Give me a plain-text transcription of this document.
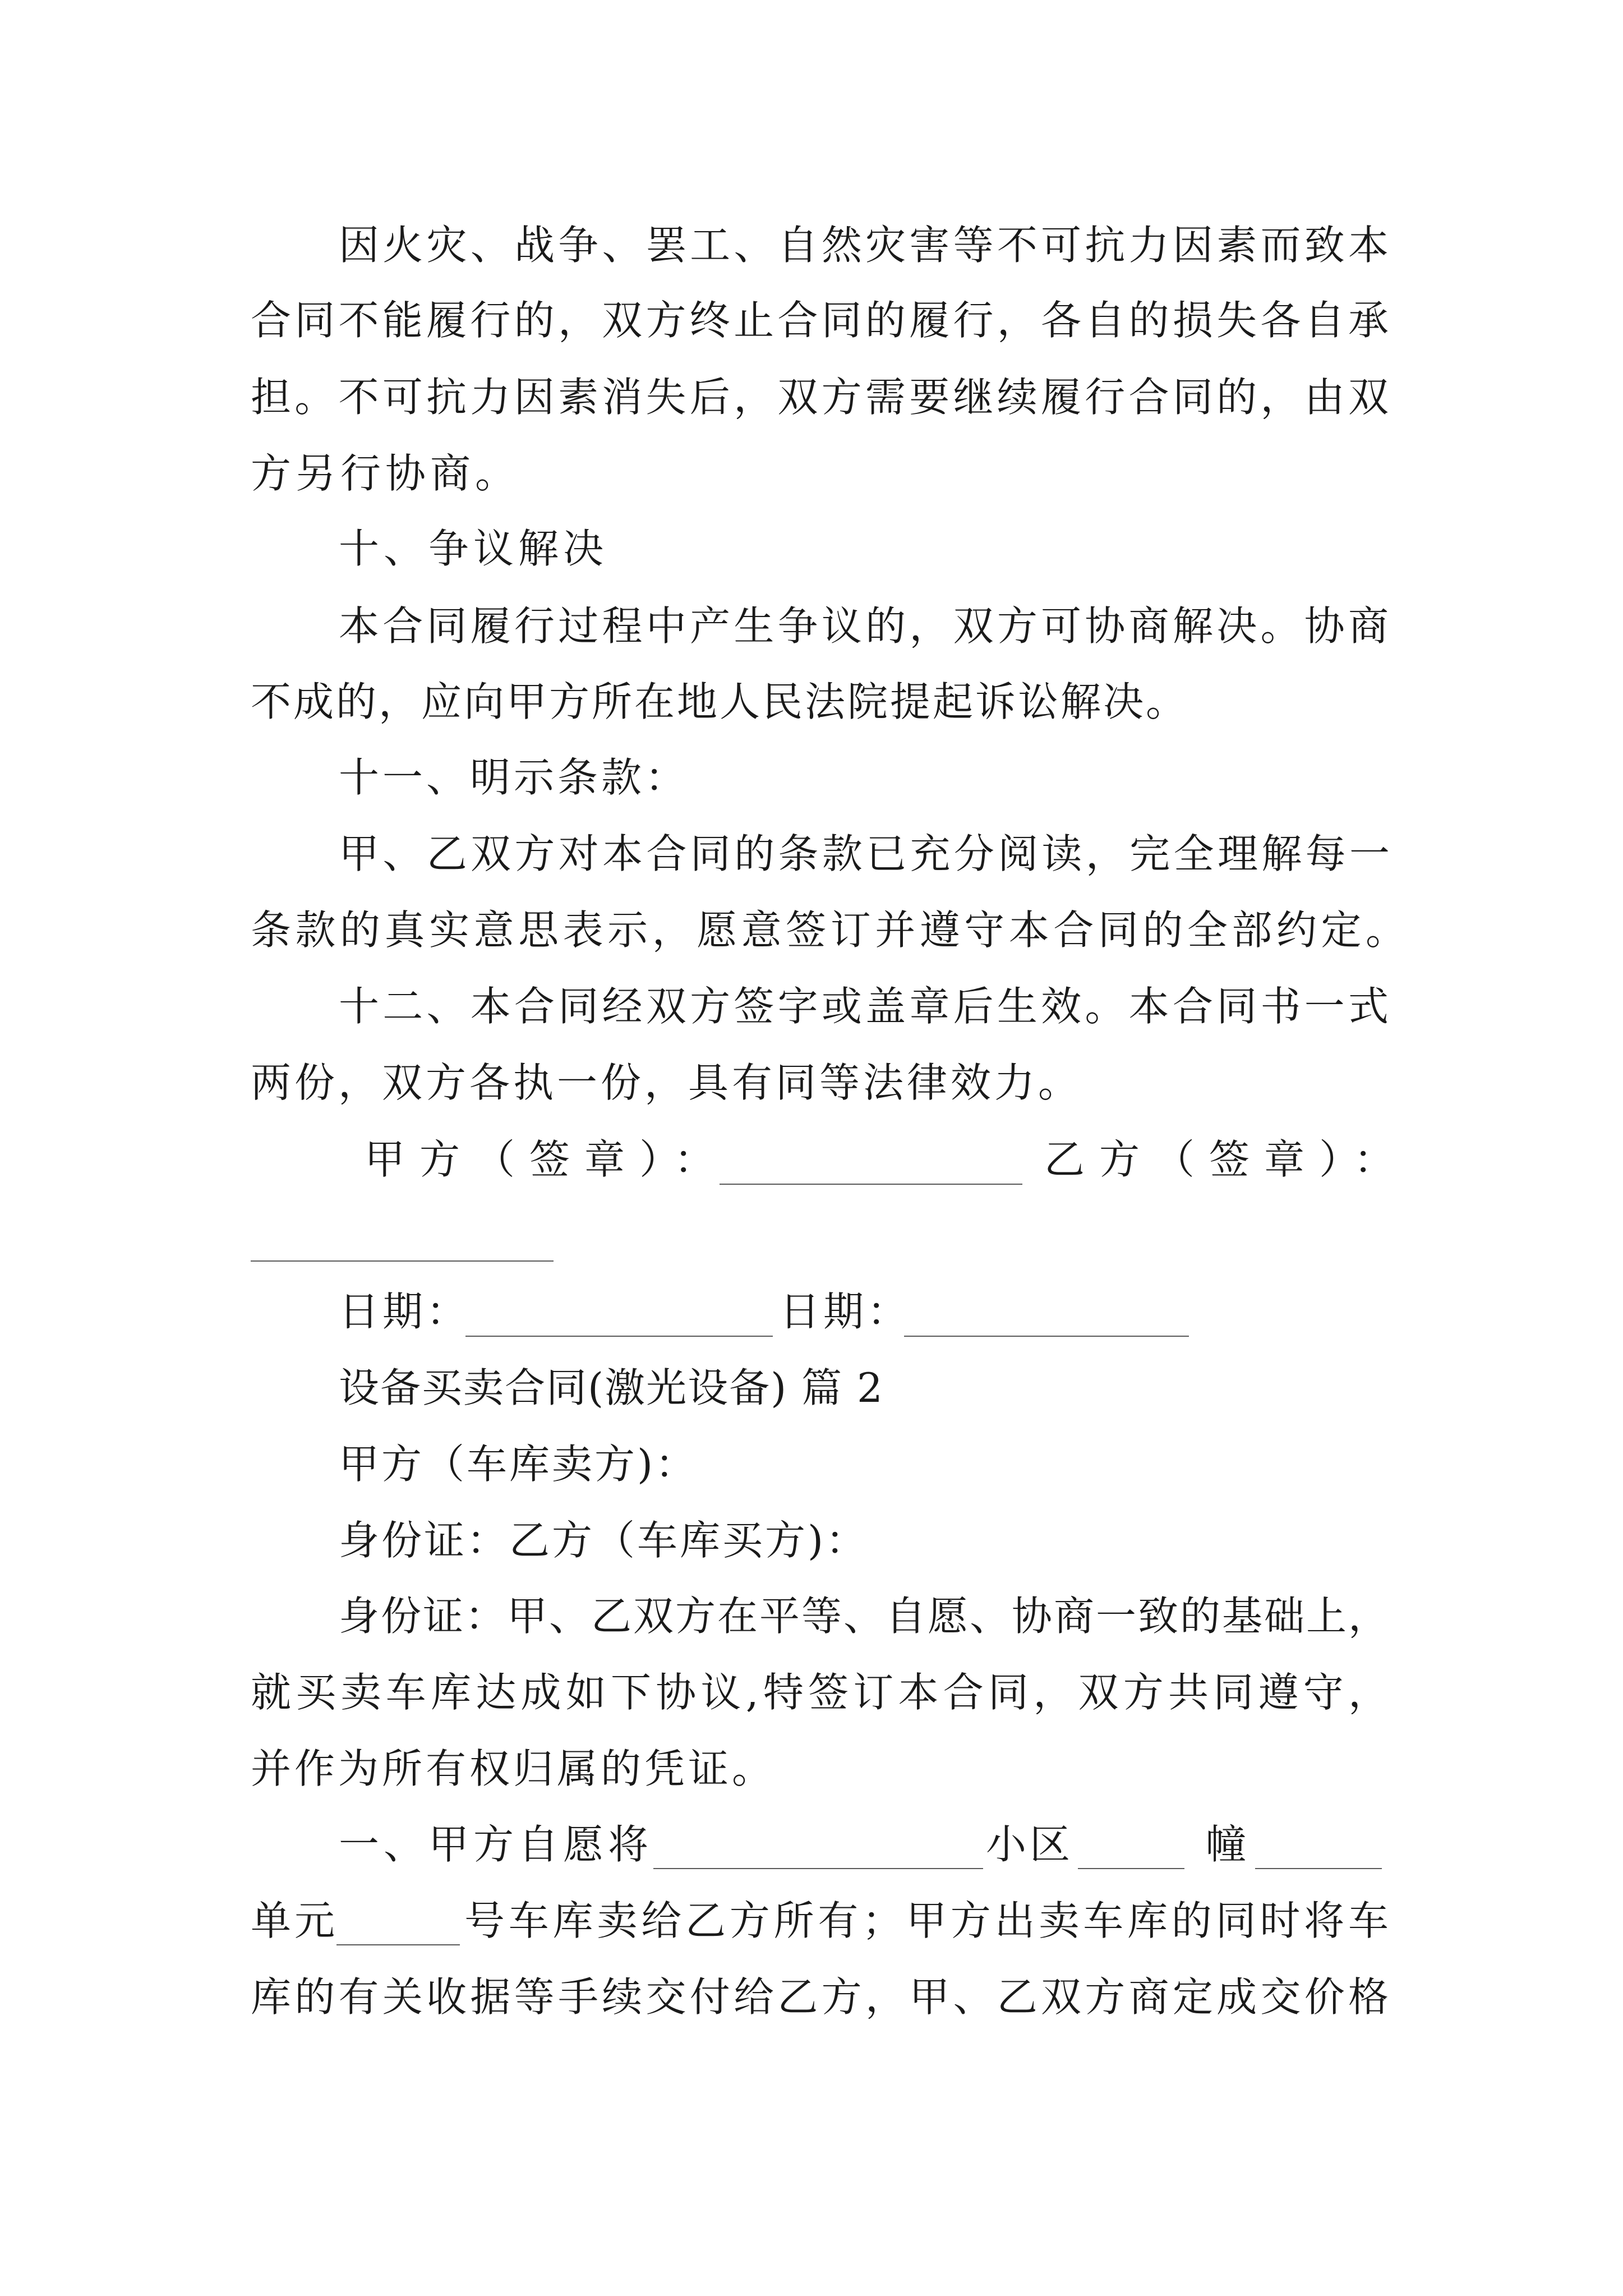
因火灾、战争、罢工、自然灾害等不可抗力因素而致本
合同不能履行的，双方终止合同的履行，各自的损失各自承
担。不可抗力因素消失后，双方需要继续履行合同的，由双
方另行协商。
十、争议解决
本合同履行过程中产生争议的，双方可协商解决。协商
不成的，应向甲方所在地人民法院提起诉讼解决。
十一、明示条款：
甲、乙双方对本合同的条款已充分阅读，完全理解每一
条款的真实意思表示，愿意签订并遵守本合同的全部约定。
十二、本合同经双方签字或盖章后生效。本合同书一式
两份，双方各执一份，具有同等法律效力。
甲方（签章）：	乙方（签章）：
日期：	日期：
设备买卖合同(激光设备) 篇 2
甲方（车库卖方)：
身份证：乙方（车库买方)：
身份证：甲、乙双方在平等、自愿、协商一致的基础上，
就买卖车库达成如下协议,特签订本合同，双方共同遵守，
并作为所有权归属的凭证。
一、甲方自愿将	小区	幢
单元	号车库卖给乙方所有；甲方出卖车库的同时将车
库的有关收据等手续交付给乙方，甲、乙双方商定成交价格
